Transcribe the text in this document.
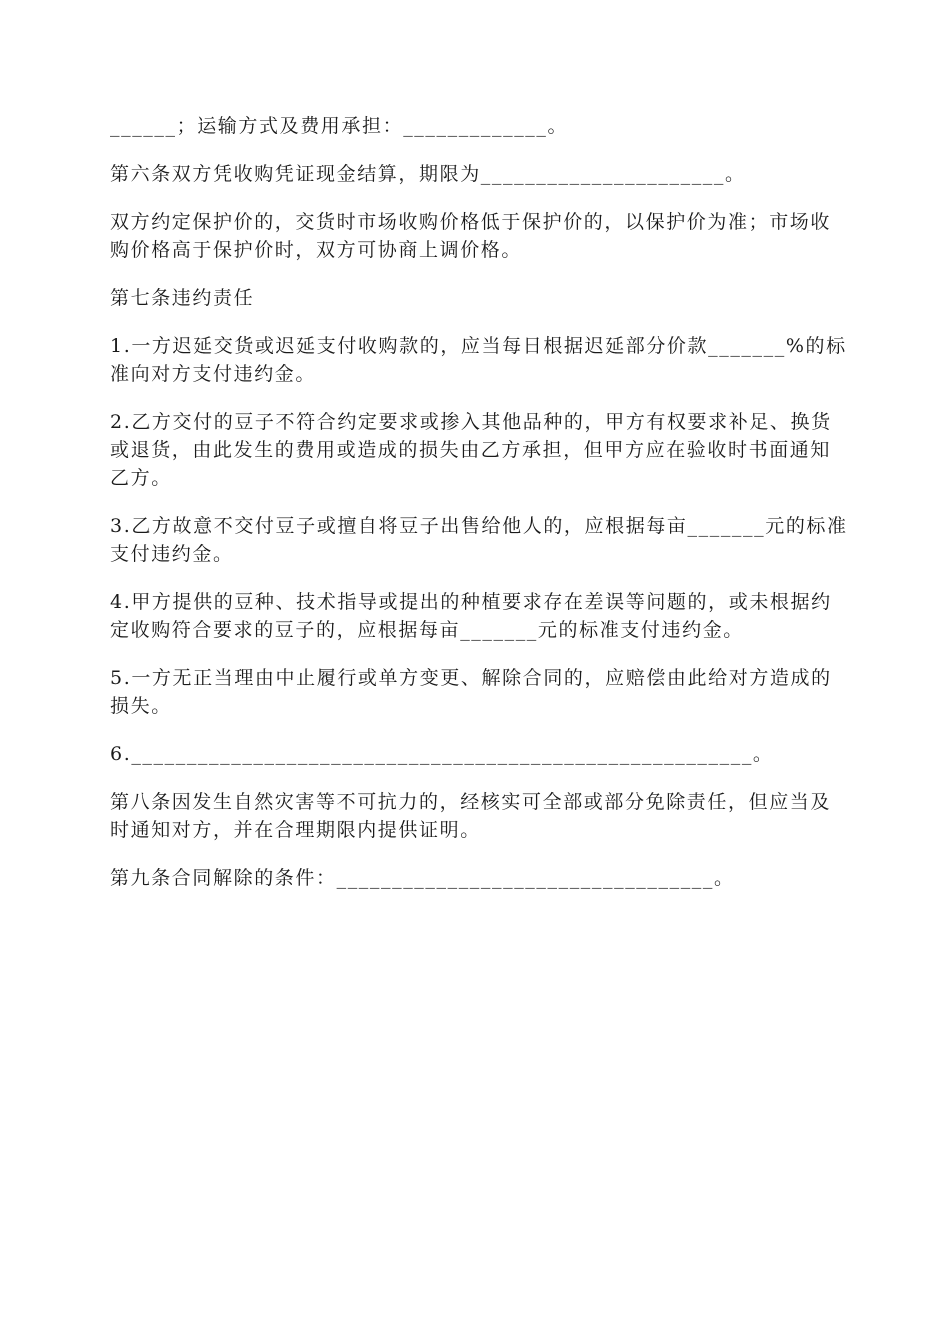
______；运输方式及费用承担：_____________。

第六条双方凭收购凭证现金结算，期限为______________________。

双方约定保护价的，交货时市场收购价格低于保护价的，以保护价为准；市场收购价格高于保护价时，双方可协商上调价格。

第七条违约责任

1.一方迟延交货或迟延支付收购款的，应当每日根据迟延部分价款_______%的标准向对方支付违约金。

2.乙方交付的豆子不符合约定要求或掺入其他品种的，甲方有权要求补足、换货或退货，由此发生的费用或造成的损失由乙方承担，但甲方应在验收时书面通知乙方。

3.乙方故意不交付豆子或擅自将豆子出售给他人的，应根据每亩_______元的标准支付违约金。

4.甲方提供的豆种、技术指导或提出的种植要求存在差误等问题的，或未根据约定收购符合要求的豆子的，应根据每亩_______元的标准支付违约金。

5.一方无正当理由中止履行或单方变更、解除合同的，应赔偿由此给对方造成的损失。

6.________________________________________________________。

第八条因发生自然灾害等不可抗力的，经核实可全部或部分免除责任，但应当及时通知对方，并在合理期限内提供证明。

第九条合同解除的条件：__________________________________。
